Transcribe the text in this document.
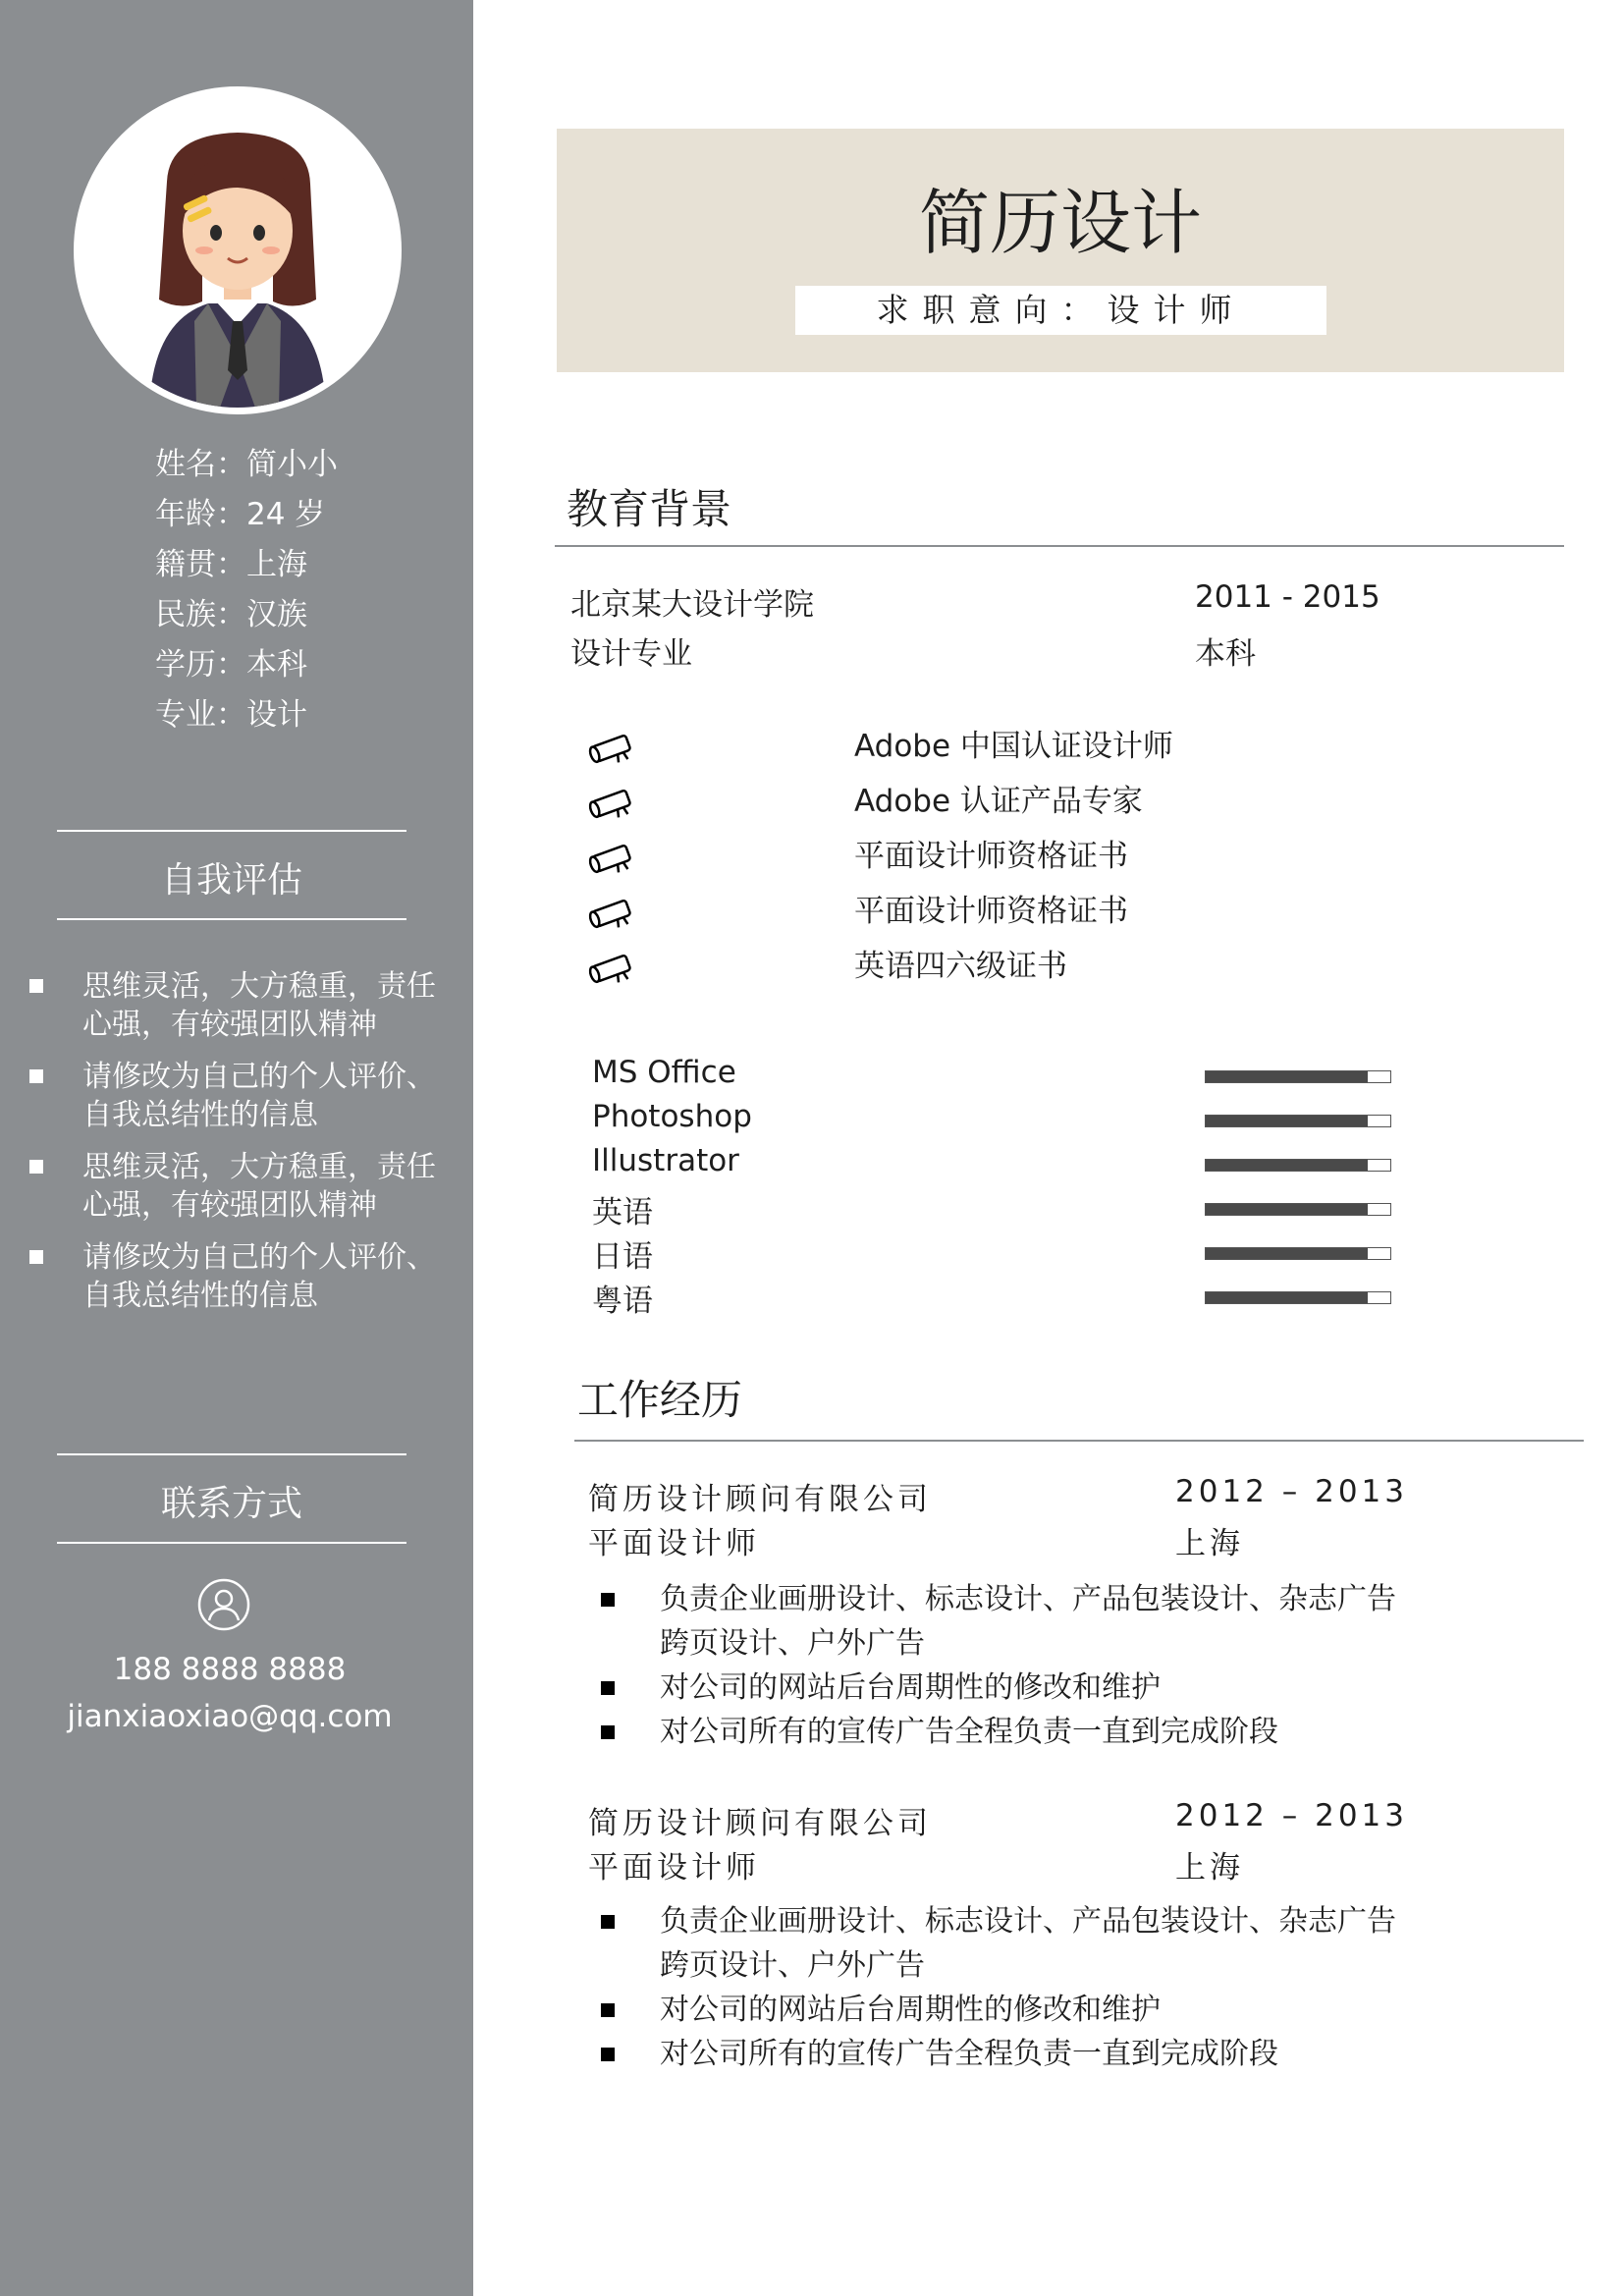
姓名：简小小
年龄：24 岁
籍贯：上海
民族：汉族
学历：本科
专业：设计
自我评估
思维灵活，大方稳重，责任心强，有较强团队精神
请修改为自己的个人评价、自我总结性的信息
思维灵活，大方稳重，责任心强，有较强团队精神
请修改为自己的个人评价、自我总结性的信息
联系方式
188 8888 8888
jianxiaoxiao@qq.com
简历设计
求职意向：设计师
教育背景
北京某大设计学院	2011 - 2015
设计专业	本科
Adobe 中国认证设计师
Adobe 认证产品专家
平面设计师资格证书
平面设计师资格证书
英语四六级证书
MS Office
Photoshop
Illustrator
英语
日语
粤语
工作经历
简历设计顾问有限公司	2012 – 2013
平面设计师	上海
负责企业画册设计、标志设计、产品包装设计、杂志广告跨页设计、户外广告
对公司的网站后台周期性的修改和维护
对公司所有的宣传广告全程负责一直到完成阶段
简历设计顾问有限公司	2012 – 2013
平面设计师	上海
负责企业画册设计、标志设计、产品包装设计、杂志广告跨页设计、户外广告
对公司的网站后台周期性的修改和维护
对公司所有的宣传广告全程负责一直到完成阶段
